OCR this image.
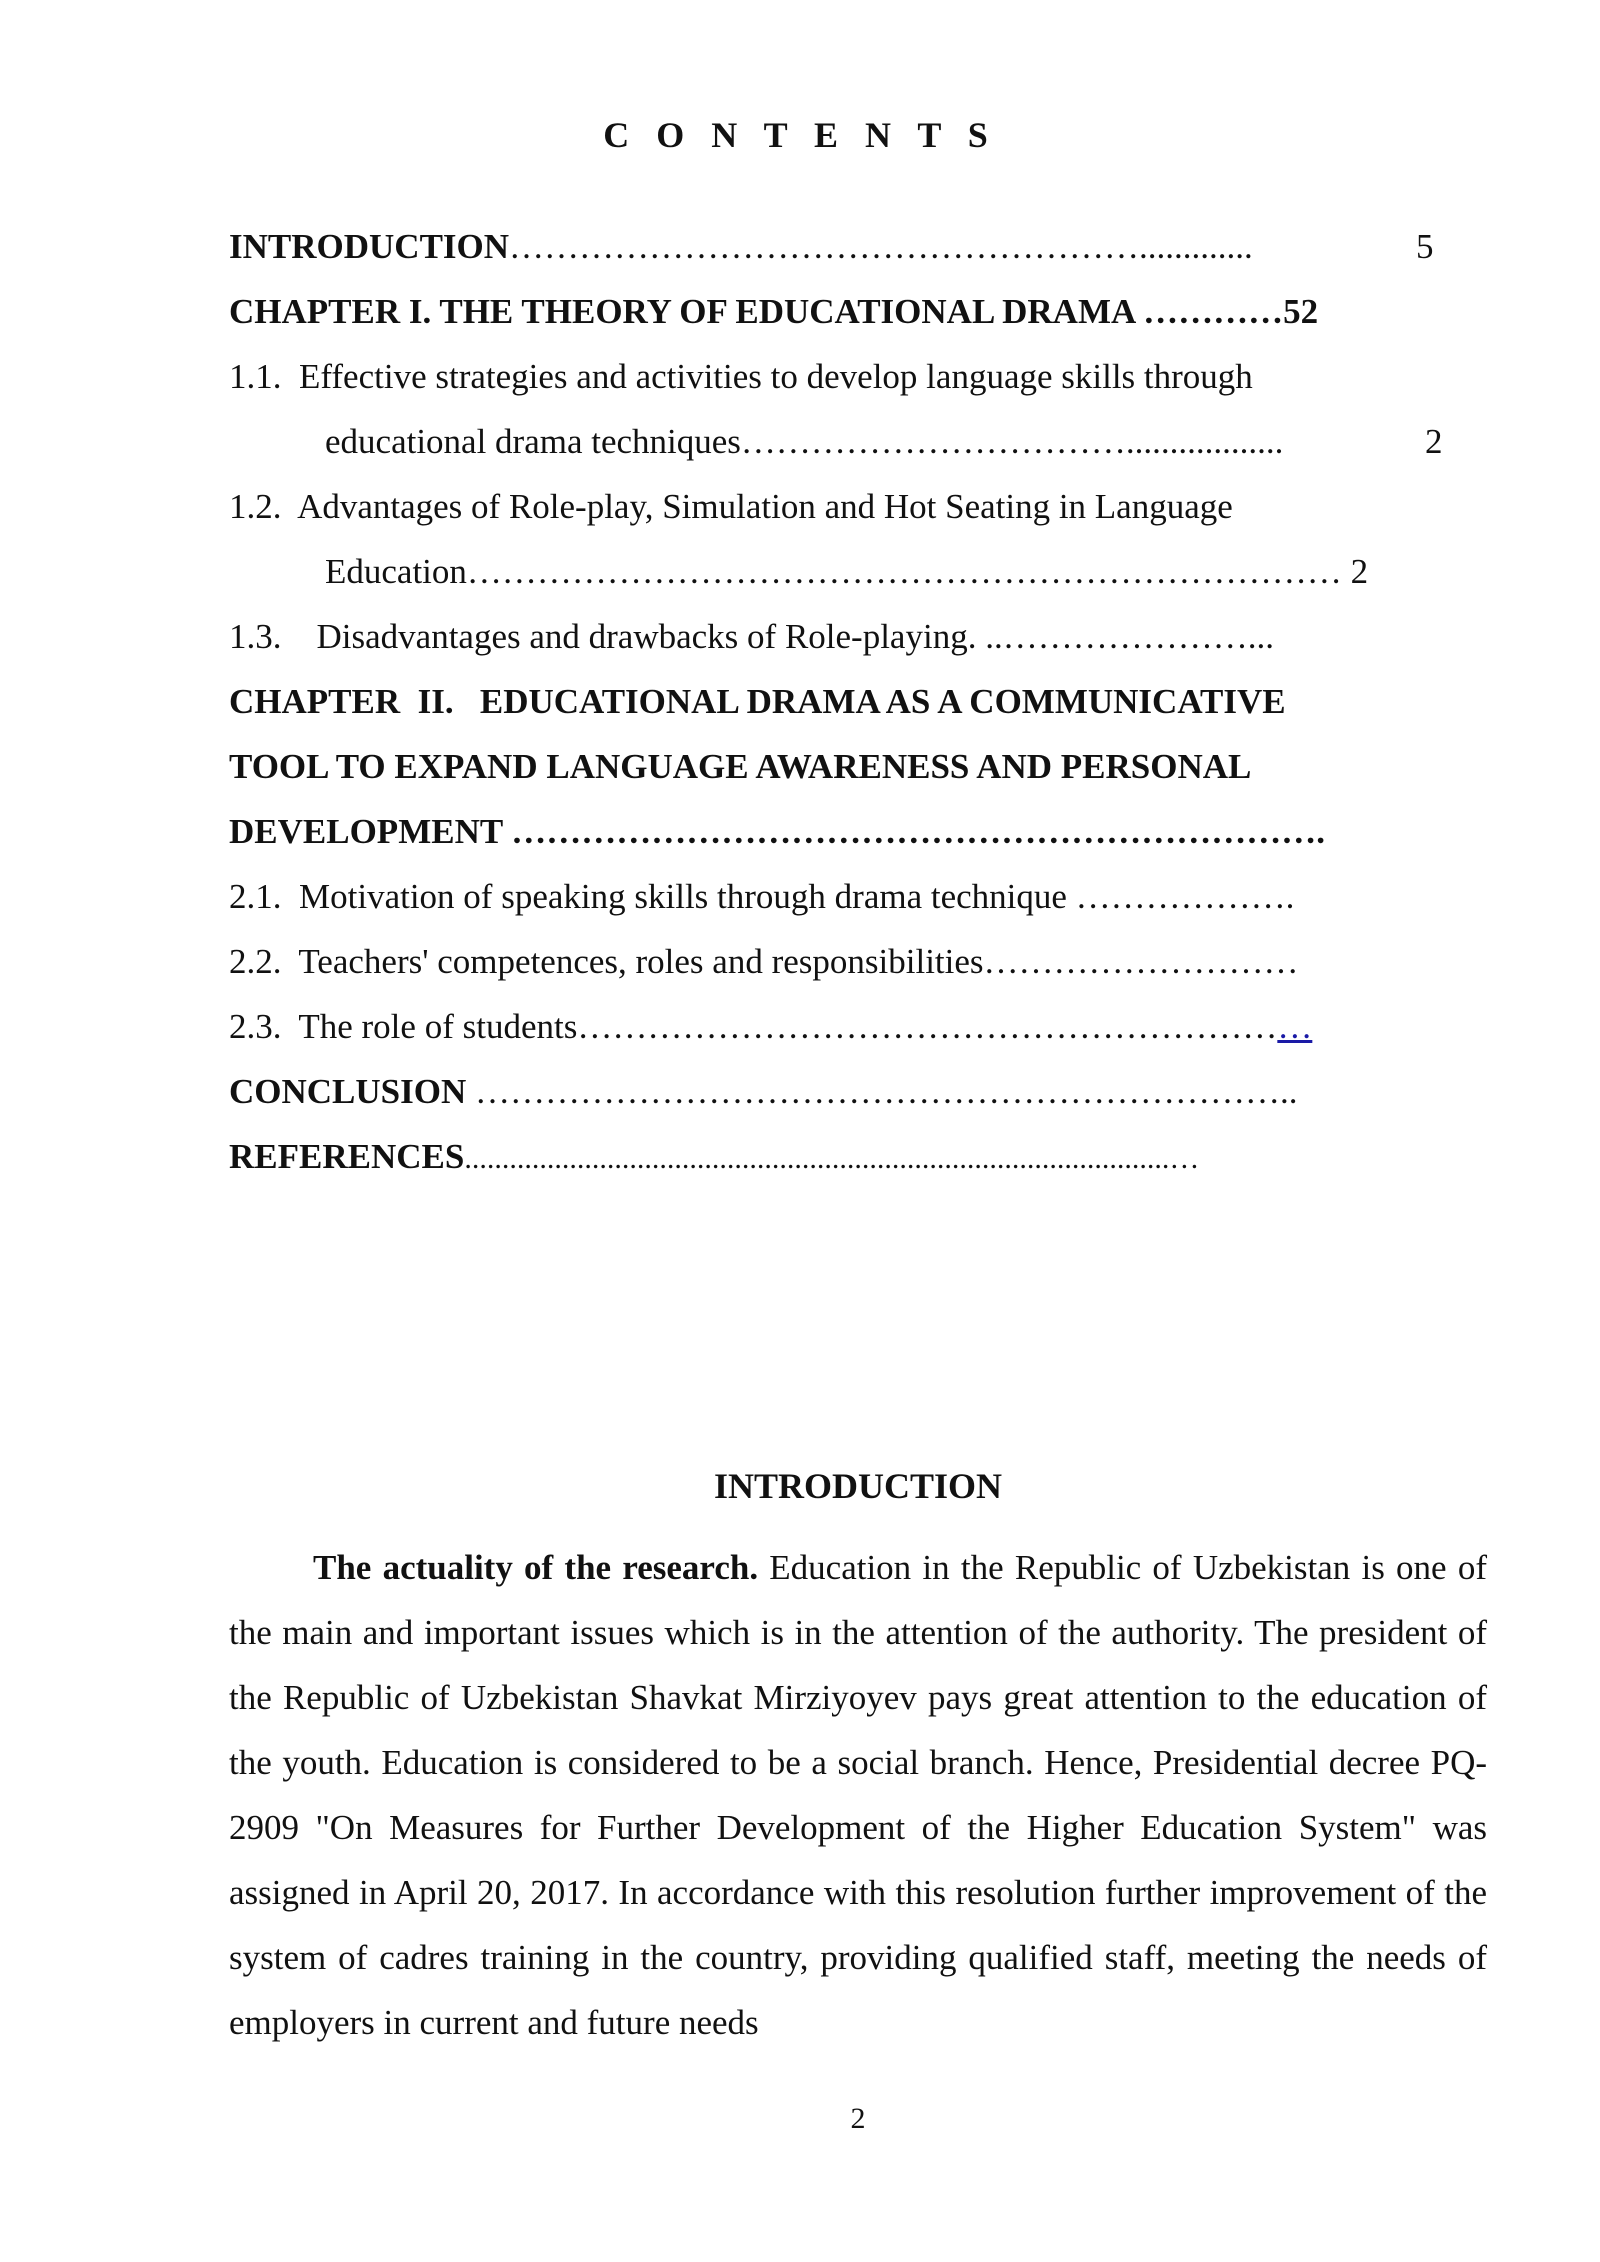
C O N T E N T S
INTRODUCTION……………………………………………….............	5
CHAPTER I. THE THEORY OF EDUCATIONAL DRAMA …………52
1.1.  Effective strategies and activities to develop language skills through
educational drama techniques……………………………..................	2
1.2.  Advantages of Role-play, Simulation and Hot Seating in Language
Education………………………………………………………………… 2
1.3.    Disadvantages and drawbacks of Role-playing. ..…………………...
CHAPTER  II.   EDUCATIONAL DRAMA AS A COMMUNICATIVE
TOOL TO EXPAND LANGUAGE AWARENESS AND PERSONAL
DEVELOPMENT …………………………………………………………….
2.1.  Motivation of speaking skills through drama technique ……………….
2.2.  Teachers' competences, roles and responsibilities………………………
2.3.  The role of students………………………………………………………
CONCLUSION ……………………………………………………………..
REFERENCES..............................................................................................…
INTRODUCTION
The actuality of the research. Education in the Republic of Uzbekistan is one of the main and important issues which is in the attention of the authority. The president of the Republic of Uzbekistan Shavkat Mirziyoyev pays great attention to the education of the youth. Education is considered to be a social branch. Hence, Presidential decree PQ-2909 "On Measures for Further Development of the Higher Education System" was assigned in April 20, 2017. In accordance with this resolution further improvement of the system of cadres training in the country, providing qualified staff, meeting the needs of employers in current and future needs
2
